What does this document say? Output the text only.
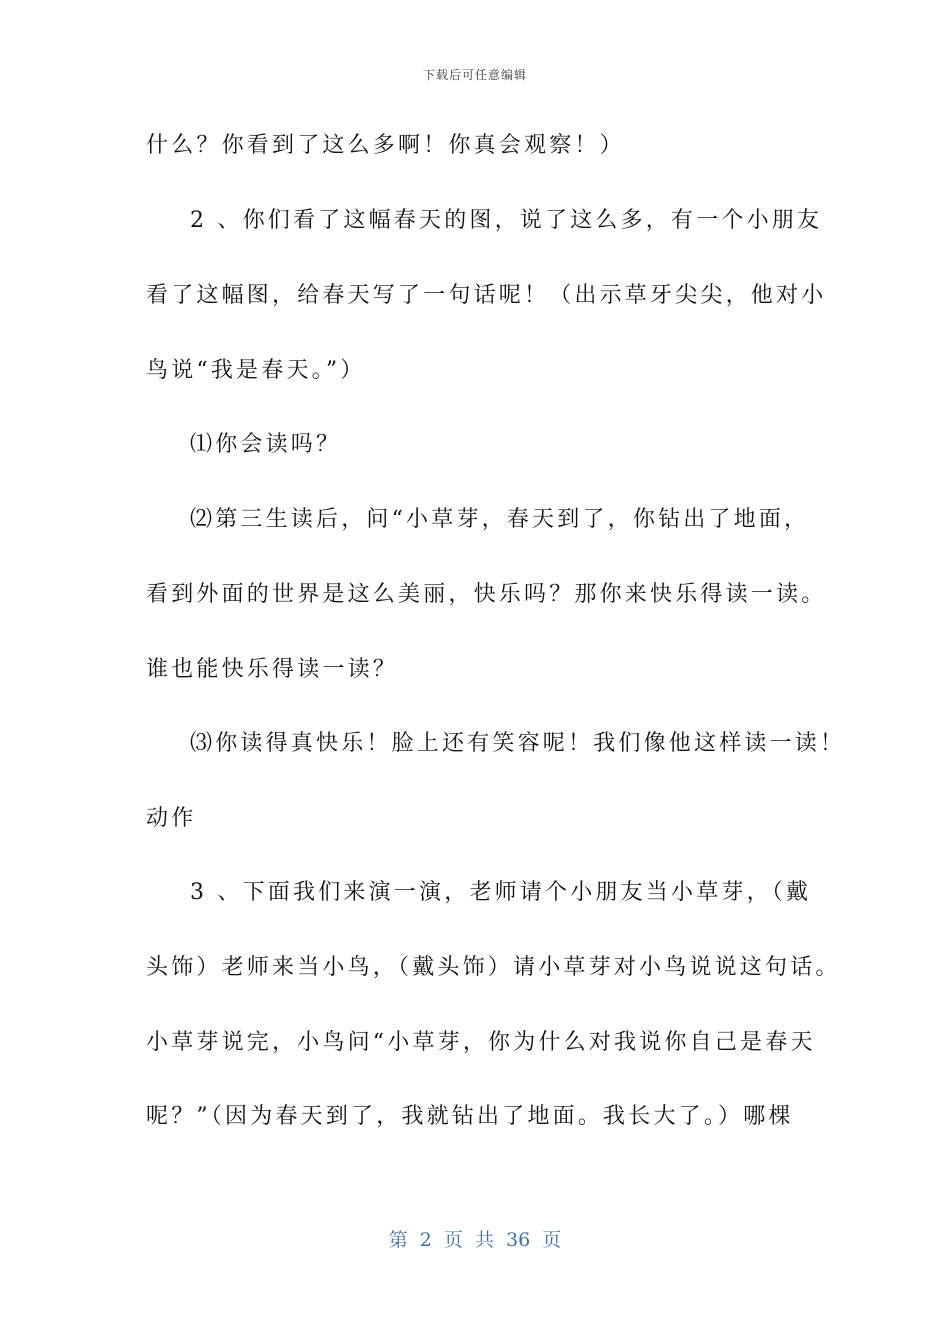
下载后可任意编辑
什么？你看到了这么多啊！你真会观察！）
2 、你们看了这幅春天的图，说了这么多，有一个小朋友
看了这幅图，给春天写了一句话呢！（出示草牙尖尖，他对小
鸟说“我是春天。”）
⑴你会读吗？
⑵第三生读后，问“小草芽，春天到了，你钻出了地面，
看到外面的世界是这么美丽，快乐吗？那你来快乐得读一读。
谁也能快乐得读一读？
⑶你读得真快乐！脸上还有笑容呢！我们像他这样读一读！
动作
3 、下面我们来演一演，老师请个小朋友当小草芽，（戴
头饰）老师来当小鸟，（戴头饰）请小草芽对小鸟说说这句话。
小草芽说完，小鸟问“小草芽，你为什么对我说你自己是春天
呢？”（因为春天到了，我就钻出了地面。我长大了。）哪棵
第 2 页 共 36 页
